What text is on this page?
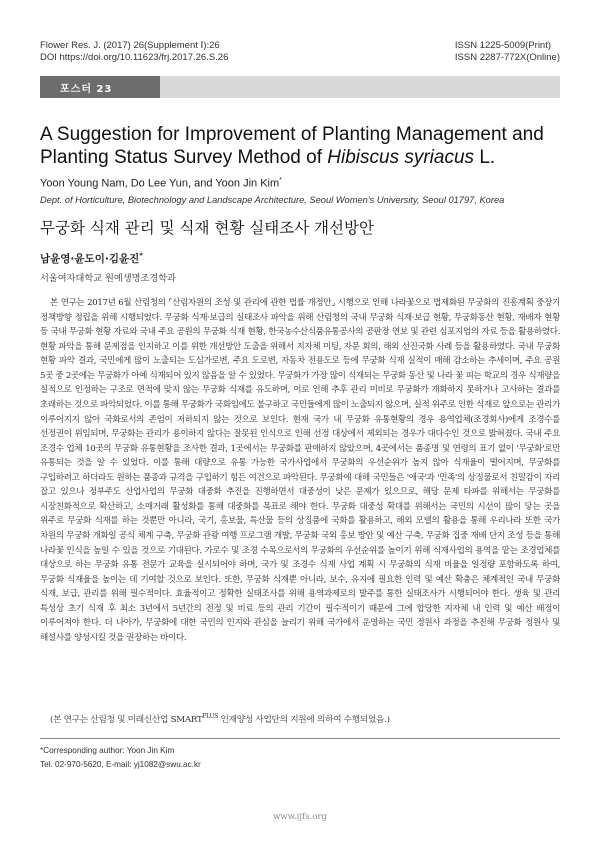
Flower Res. J. (2017) 26(Supplement Ⅰ):26
DOI https://doi.org/10.11623/frj.2017.26.S.26
ISSN 1225-5009(Print)
ISSN 2287-772X(Online)
포스터 23
A Suggestion for Improvement of Planting Management and Planting Status Survey Method of Hibiscus syriacus L.
Yoon Young Nam, Do Lee Yun, and Yoon Jin Kim*
Dept. of Horticulture, Biotechnology and Landscape Architecture, Seoul Women's University, Seoul 01797, Korea
무궁화 식재 관리 및 식재 현황 실태조사 개선방안
남윤영·윤도이·김윤진*
서울여자대학교 원예생명조경학과
본 연구는 2017년 6월 산림청의 ⌜산림자원의 조성 및 관리에 관한 법률 개정안⌟ 시행으로 인해 나라꽃으로 법제화된 무궁화의 진흥계획 중장기 정책방향 정립을 위해 시행되었다. 무궁화 식재·보급의 실태조사 파악을 위해 산림청의 국내 무궁화 식재·보급 현황, 무궁화동산 현황, 재배자 현황 등 국내 무궁화 현황 자료와 국내 주요 공원의 무궁화 식재 현황, 한국농수산식품유통공사의 공판장 연보 및 관련 심포지엄의 자료 등을 활용하였다. 현황 파악을 통해 문제점을 인지하고 이를 위한 개선방안 도출을 위해서 지자체 미팅, 자문 회의, 해외 선진국화 사례 등을 활용하였다. 국내 무궁화 현황 파악 결과, 국민에게 많이 노출되는 도심가로변, 주요 도로변, 자동차 전용도로 등에 무궁화 식재 실적이 매해 감소하는 추세이며, 주요 공원 5곳 중 2곳에는 무궁화가 아예 식재되어 있지 않음을 알 수 있었다. 무궁화가 가장 많이 식재되는 무궁화 동산 및 나라 꽃 피는 학교의 경우 식재량을 실적으로 인정하는 구조로 면적에 맞지 않는 무궁화 식재를 유도하며, 이로 인해 추후 관리 미비로 무궁화가 개화하지 못하거나 고사하는 결과를 초래하는 것으로 파악되었다. 이를 통해 무궁화가 국화임에도 불구하고 국민들에게 많이 노출되지 않으며, 실적 위주로 인한 식재로 앞으로는 관리가 이루어지지 않아 국화로서의 존엄이 저하되지 않는 것으로 보인다. 현재 국가 내 무궁화 유통현황의 경우 용역업체(조경회사)에게 조경수를 선정권이 위임되며, 무궁화는 관리가 용이하지 않다는 잘못된 인식으로 인해 선정 대상에서 제외되는 경우가 대다수인 것으로 밝혀졌다. 국내 주요 조경수 업체 10곳의 무궁화 유통현황을 조사한 결과, 1곳에서는 무궁화를 판매하지 않았으며, 4곳에서는 품종명 및 연령의 표기 없이 '무궁화'로만 유통되는 것을 알 수 있었다. 이를 통해 대량으로 유통 가능한 국가사업에서 무궁화의 우선순위가 높지 않아 식재율이 떨어지며, 무궁화를 구입하려고 하더라도 원하는 품종과 규격을 구입하기 힘든 여건으로 파악된다. 무궁화에 대해 국민들은 '애국'과 '민족'의 상징물로서 친밀감이 자리 잡고 있으나 정부주도 산업사업의 무궁화 대중화 추진을 진행하면서 대중성이 낮은 문제가 있으므로, 해당 문제 타파를 위해서는 무궁화를 시장친화적으로 확산하고, 소매거래 활성화를 통해 대중화를 목표로 해야 한다. 무궁화 대중성 확대를 위해서는 국민의 시선이 많이 닿는 곳을 위주로 무궁화 식재를 하는 것뿐만 아니라, 국기, 홍보물, 특산물 등의 상징품에 국화를 활용하고, 해외 모델의 활용을 통해 우리나라 또한 국가 차원의 무궁화 개화일 공식 체계 구축, 무궁화 관광 여행 프로그램 개발, 무궁화 국외 홍보 방안 및 예산 구축, 무궁화 집중 재배 단지 조성 등을 통해 나라꽃 인식을 높일 수 있을 것으로 기대된다. 가로수 및 조경 수목으로서의 무궁화의 우선순위를 높이기 위해 식재사업의 용역을 맡는 조경업체를 대상으로 하는 무궁화 유통 전문가 교육을 실시되어야 하며, 국가 및 조경수 식재 사업 계획 시 무궁화의 식재 비율을 일정량 포함하도록 하여, 무궁화 식재율을 높이는 데 기여할 것으로 보인다. 또한, 무궁화 식재뿐 아니라, 보수, 유지에 필요한 인력 및 예산 확충은 체계적인 국내 무궁화 식재, 보급, 관리를 위해 필수적이다. 효율적이고 정확한 실태조사를 위해 용역과제로의 발주를 통한 실태조사가 시행되어야 한다. 생육 및 관리 특성상 초기 식재 후 최소 3년에서 5년간의 전정 및 비료 등의 관리 기간이 필수적이기 때문에 그에 합당한 지자체 내 인력 및 예산 배정이 이루어져야 한다. 더 나아가, 무궁화에 대한 국민의 인지와 관심을 늘리기 위해 국가에서 운영하는 국민 정원사 과정을 추진해 무궁화 정원사 및 해설사를 양성시킬 것을 권장하는 바이다.
(본 연구는 산림청 및 미래신산업 $SMART^{PLUS}$ 인재양성 사업단의 지원에 의하여 수행되었음.)
*Corresponding author: Yoon Jin Kim
Tel. 02-970-5620, E-mail: yj1082@swu.ac.kr
www.ijfs.org
